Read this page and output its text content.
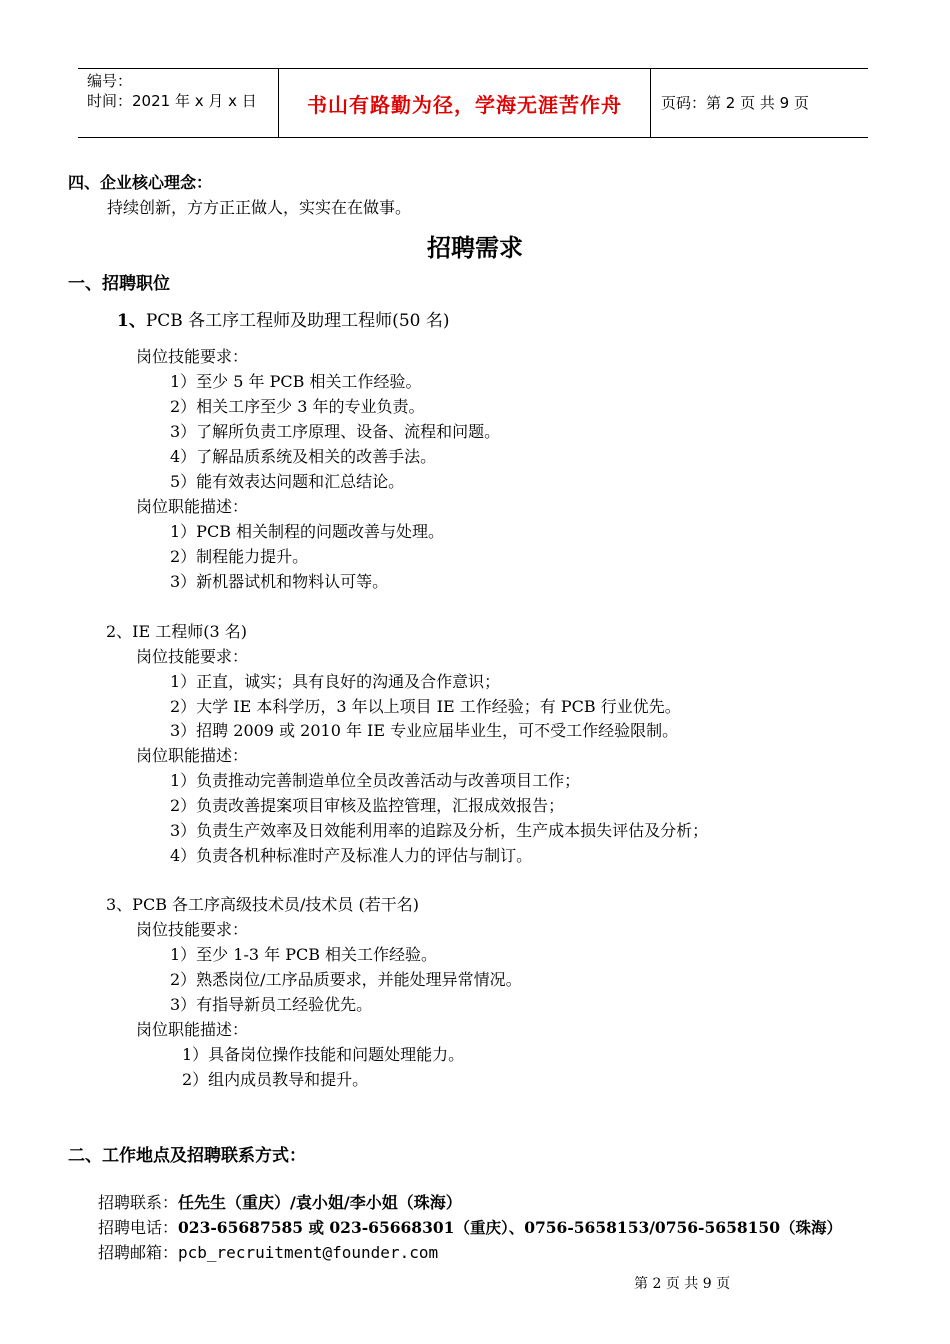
编号：
时间：2021 年 x 月 x 日	书山有路勤为径，学海无涯苦作舟	页码：第 2 页 共 9 页
四、企业核心理念：
持续创新，方方正正做人，实实在在做事。
招聘需求
一、招聘职位
1、PCB 各工序工程师及助理工程师(50 名)
岗位技能要求：
1）至少 5 年 PCB 相关工作经验。
2）相关工序至少 3 年的专业负责。
3）了解所负责工序原理、设备、流程和问题。
4）了解品质系统及相关的改善手法。
5）能有效表达问题和汇总结论。
岗位职能描述：
1）PCB 相关制程的问题改善与处理。
2）制程能力提升。
3）新机器试机和物料认可等。
2、IE 工程师(3 名)
岗位技能要求：
1）正直，诚实；具有良好的沟通及合作意识；
2）大学 IE 本科学历，3 年以上项目 IE 工作经验；有 PCB 行业优先。
3）招聘 2009 或 2010 年 IE 专业应届毕业生，可不受工作经验限制。
岗位职能描述：
1）负责推动完善制造单位全员改善活动与改善项目工作；
2）负责改善提案项目审核及监控管理，汇报成效报告；
3）负责生产效率及日效能利用率的追踪及分析，生产成本损失评估及分析；
4）负责各机种标准时产及标准人力的评估与制订。
3、PCB 各工序高级技术员/技术员 (若干名)
岗位技能要求：
1）至少 1-3 年 PCB 相关工作经验。
2）熟悉岗位/工序品质要求，并能处理异常情况。
3）有指导新员工经验优先。
岗位职能描述：
1）具备岗位操作技能和问题处理能力。
2）组内成员教导和提升。
二、工作地点及招聘联系方式：
招聘联系：任先生（重庆）/袁小姐/李小姐（珠海）
招聘电话：023-65687585 或 023-65668301（重庆）、0756-5658153/0756-5658150（珠海）
招聘邮箱：pcb_recruitment@founder.com
第 2 页 共 9 页
